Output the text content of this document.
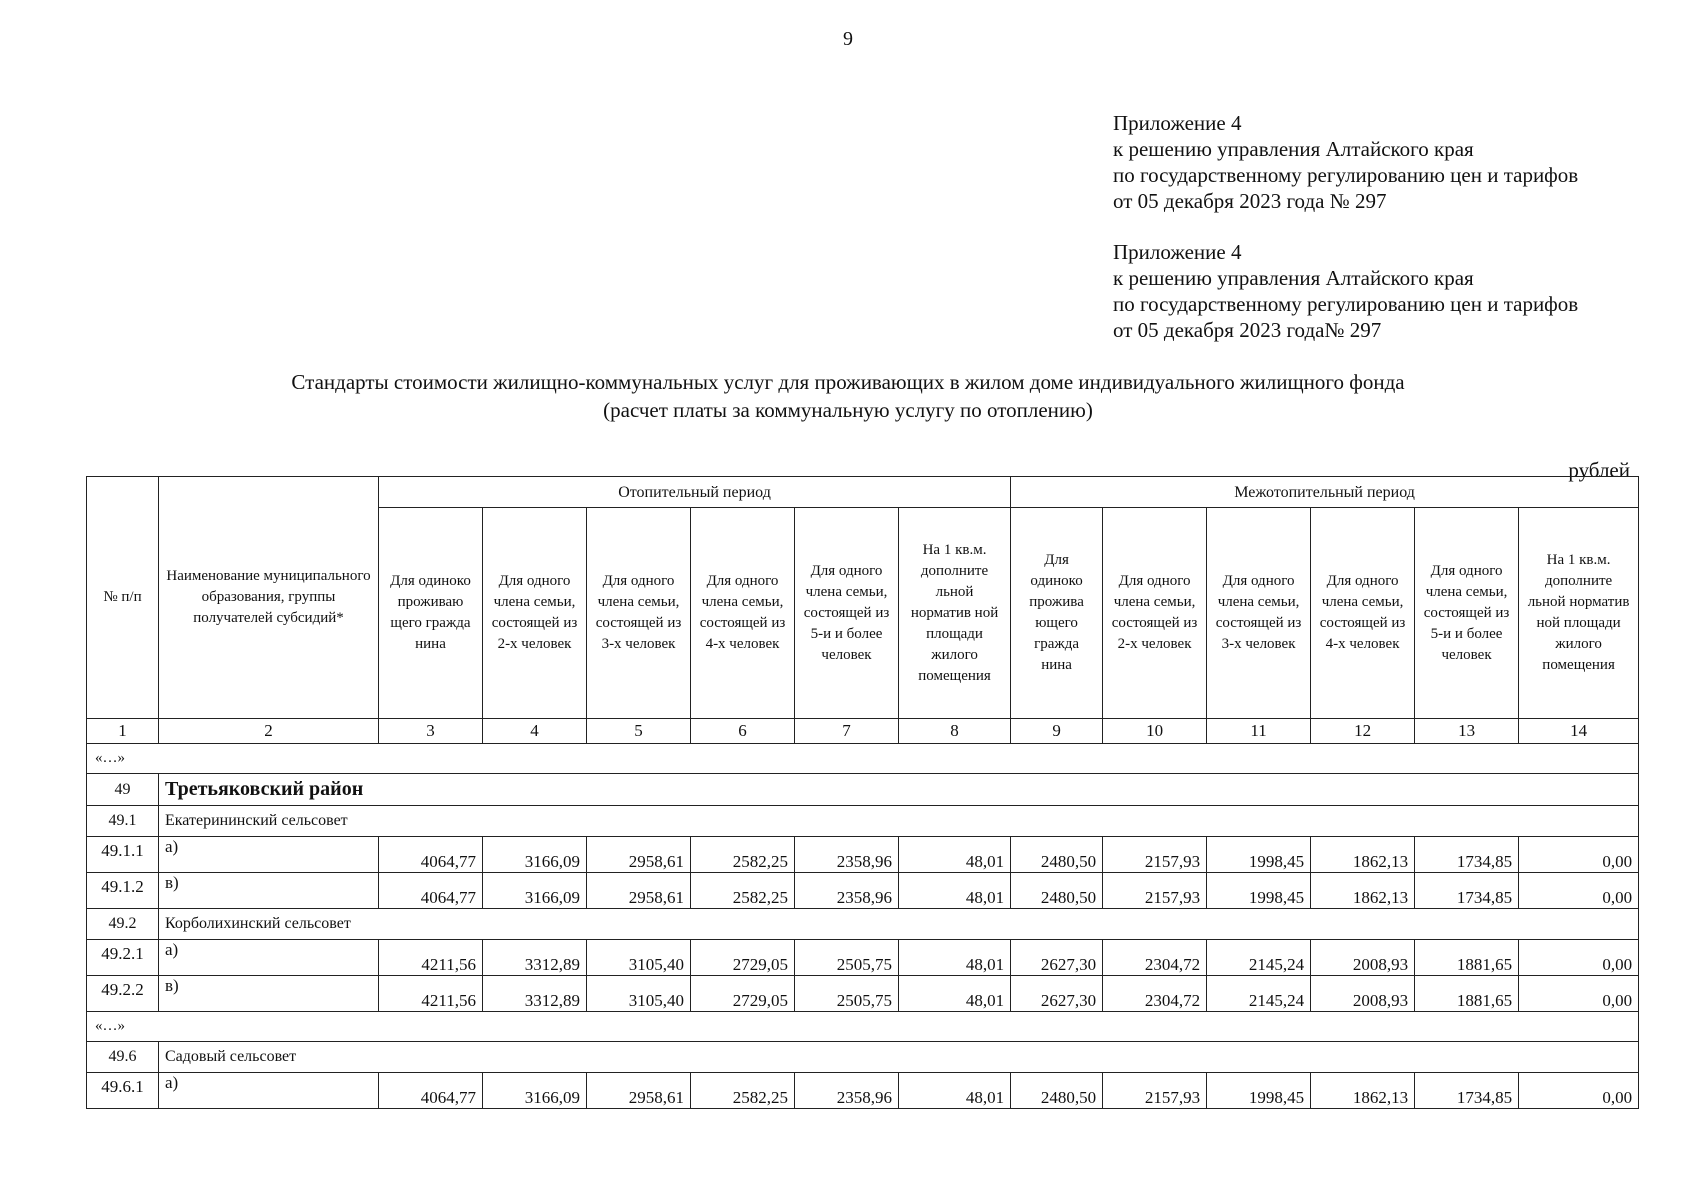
9
Приложение 4
к решению управления Алтайского края
по государственному регулированию цен и тарифов
от 05 декабря 2023 года № 297
Приложение 4
к решению управления Алтайского края
по государственному регулированию цен и тарифов
от 05 декабря 2023 года№ 297
Стандарты стоимости жилищно-коммунальных услуг для проживающих в жилом доме индивидуального жилищного фонда
(расчет платы за коммунальную услугу по отоплению)
рублей
№ п/п	Наименование муниципального образования, группы получателей субсидий*	Отопительный период						Межотопительный период					
		Для одиноко проживаю щего гражда нина	Для одного члена семьи, состоящей из 2-х человек	Для одного члена семьи, состоящей из 3-х человек	Для одного члена семьи, состоящей из 4-х человек	Для одного члена семьи, состоящей из 5-и и более человек	На 1 кв.м. дополните льной норматив ной площади жилого помещения	Для одиноко прожива ющего гражда нина	Для одного члена семьи, состоящей из 2-х человек	Для одного члена семьи, состоящей из 3-х человек	Для одного члена семьи, состоящей из 4-х человек	Для одного члена семьи, состоящей из 5-и и более человек	На 1 кв.м. дополните льной норматив ной площади жилого помещения
1	2	3	4	5	6	7	8	9	10	11	12	13	14
«…»													
49	Третьяковский район												
49.1	Екатерининский сельсовет												
49.1.1	а)	4064,77	3166,09	2958,61	2582,25	2358,96	48,01	2480,50	2157,93	1998,45	1862,13	1734,85	0,00
49.1.2	в)	4064,77	3166,09	2958,61	2582,25	2358,96	48,01	2480,50	2157,93	1998,45	1862,13	1734,85	0,00
49.2	Корболихинский сельсовет												
49.2.1	а)	4211,56	3312,89	3105,40	2729,05	2505,75	48,01	2627,30	2304,72	2145,24	2008,93	1881,65	0,00
49.2.2	в)	4211,56	3312,89	3105,40	2729,05	2505,75	48,01	2627,30	2304,72	2145,24	2008,93	1881,65	0,00
«…»													
49.6	Садовый сельсовет												
49.6.1	а)	4064,77	3166,09	2958,61	2582,25	2358,96	48,01	2480,50	2157,93	1998,45	1862,13	1734,85	0,00
